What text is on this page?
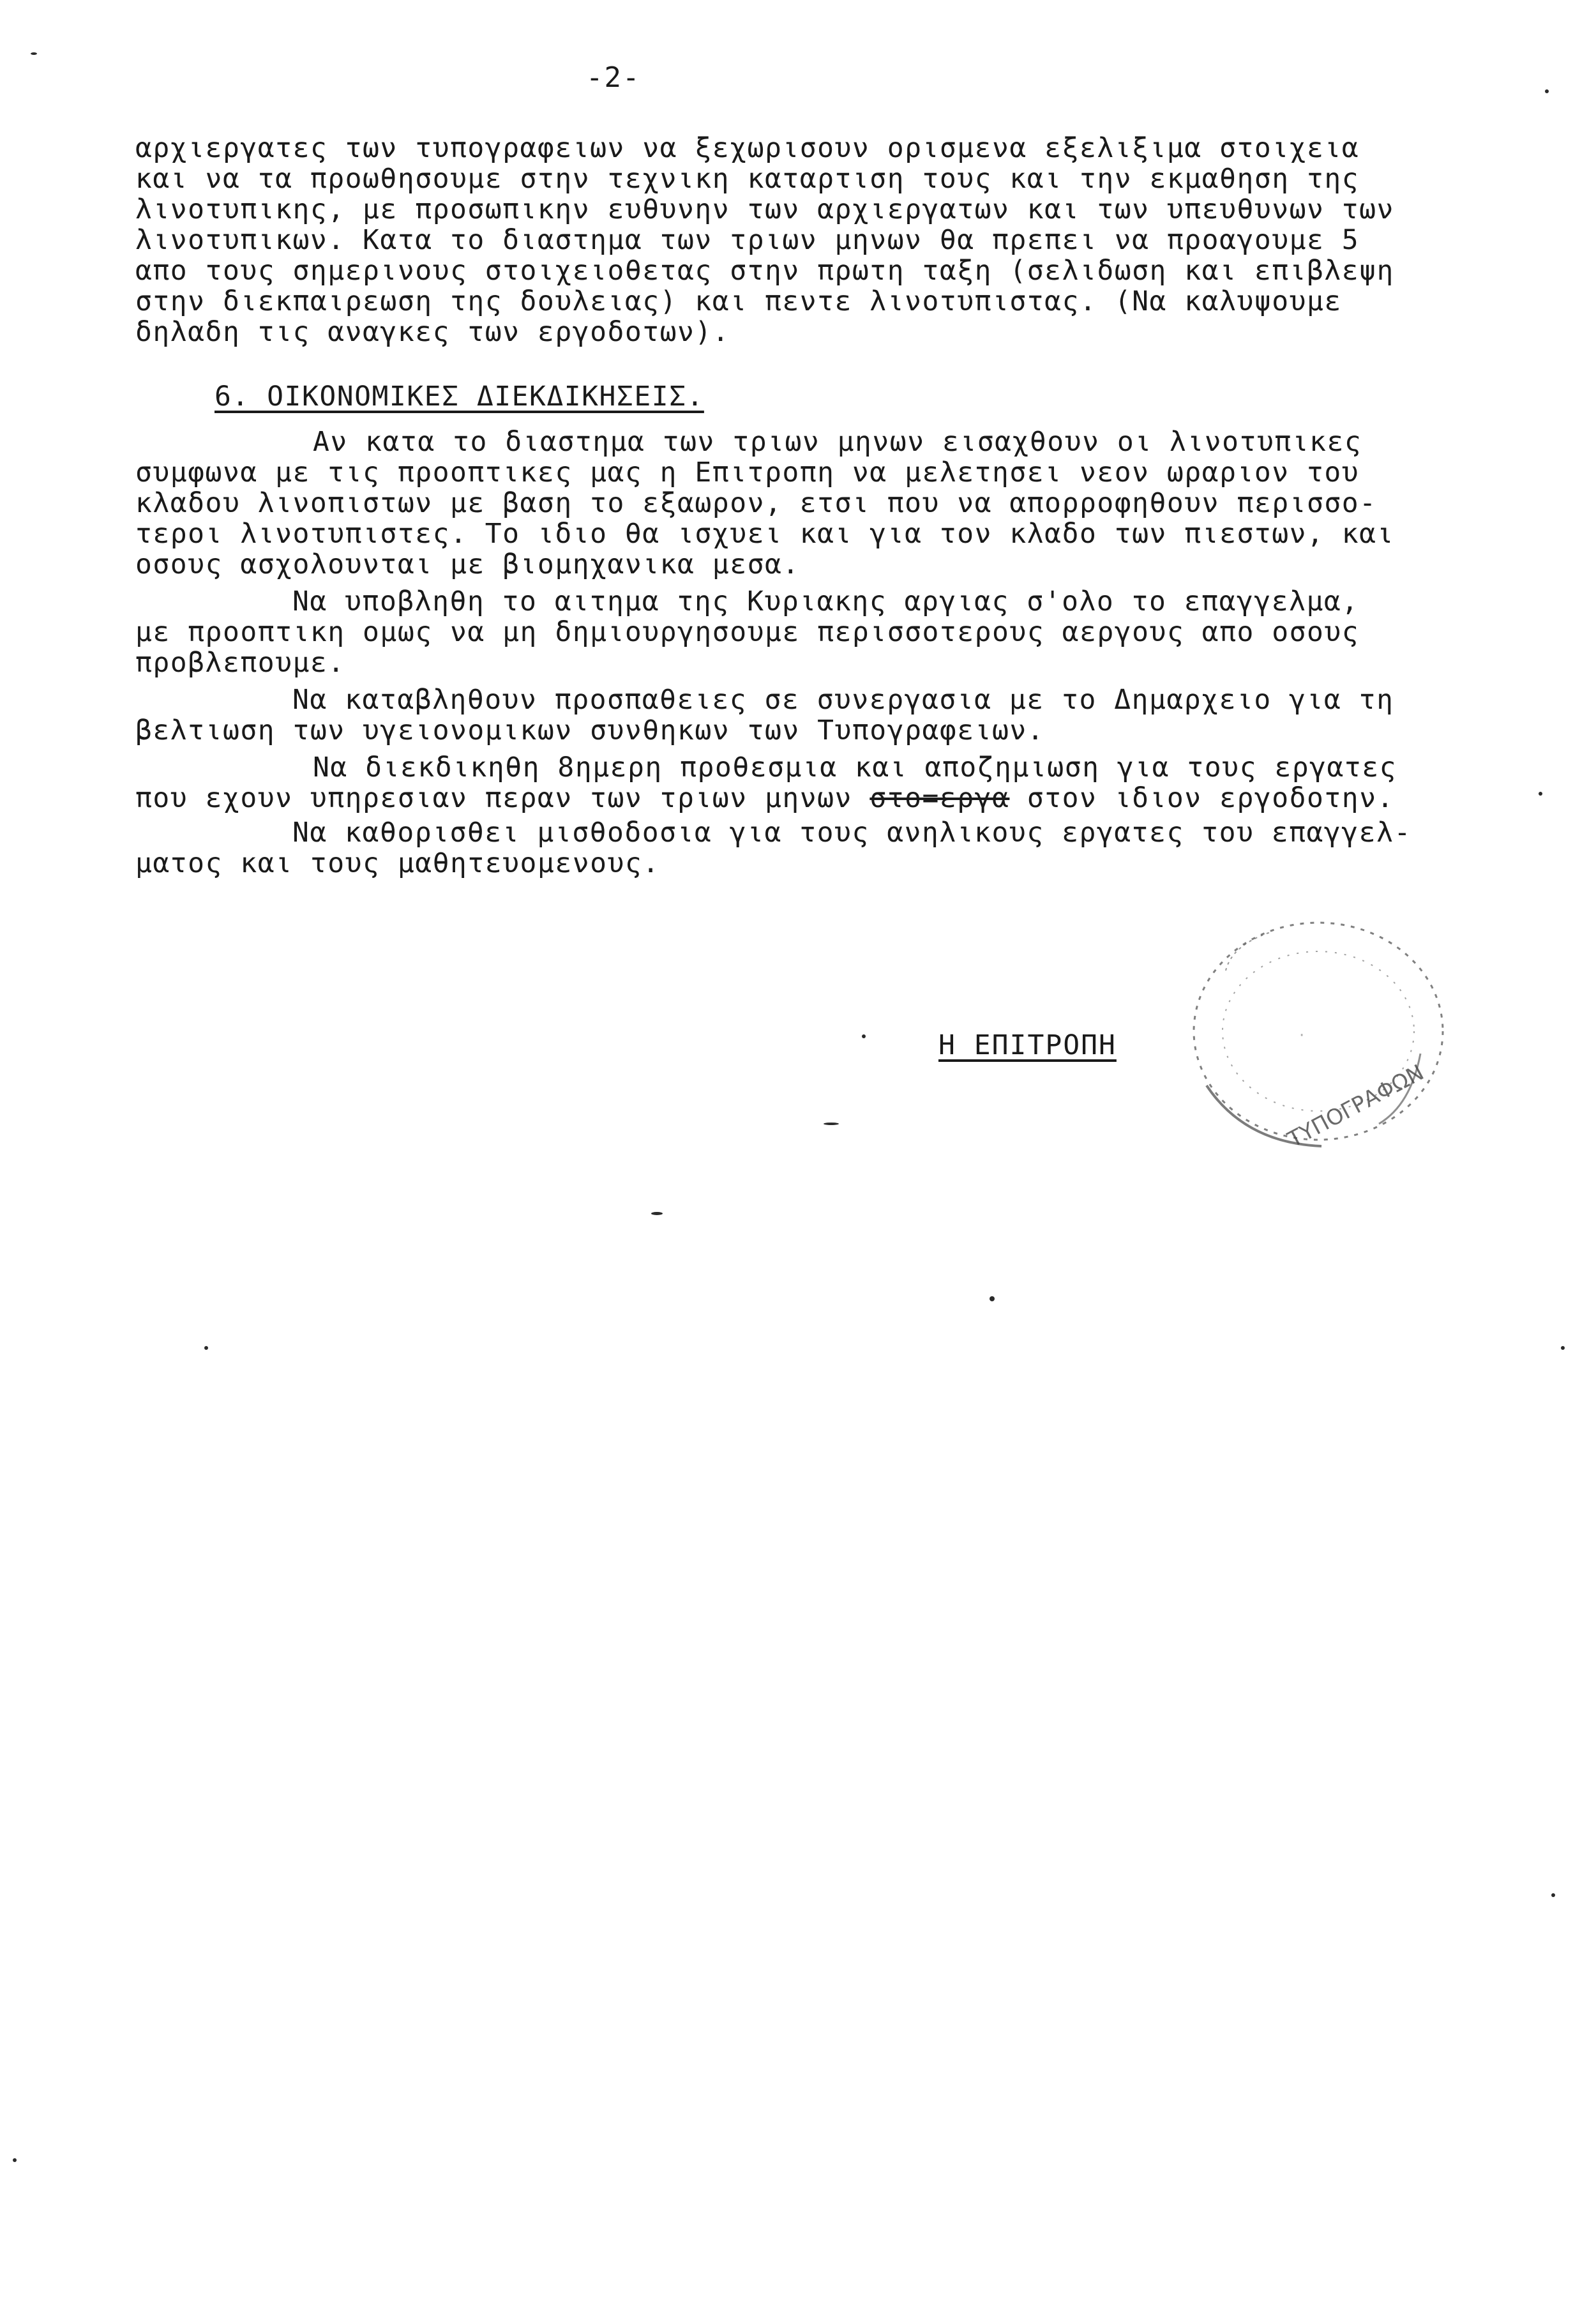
-2-
αρχιεργατες των τυπογραφειων να ξεχωρισουν ορισμενα εξελιξιμα στοιχεια
και να τα προωθησουμε στην τεχνικη καταρτιση τους και την εκμαθηση της
λινοτυπικης, με προσωπικην ευθυνην των αρχιεργατων και των υπευθυνων των
λινοτυπικων. Κατα το διαστημα των τριων μηνων θα πρεπει να προαγουμε 5
απο τους σημερινους στοιχειοθετας στην πρωτη ταξη (σελιδωση και επιβλεψη
στην διεκπαιρεωση της δουλειας) και πεντε λινοτυπιστας. (Να καλυψουμε
δηλαδη τις αναγκες των εργοδοτων).
6. ΟΙΚΟΝΟΜΙΚΕΣ ΔΙΕΚΔΙΚΗΣΕΙΣ.
Αν κατα το διαστημα των τριων μηνων εισαχθουν οι λινοτυπικες
συμφωνα με τις προοπτικες μας η Επιτροπη να μελετησει νεον ωραριον του
κλαδου λινοπιστων με βαση το εξαωρον, ετσι που να απορροφηθουν περισσο-
τεροι λινοτυπιστες. Το ιδιο θα ισχυει και για τον κλαδο των πιεστων, και
οσους ασχολουνται με βιομηχανικα μεσα.
Να υποβληθη το αιτημα της Κυριακης αργιας σ'ολο το επαγγελμα,
με προοπτικη ομως να μη δημιουργησουμε περισσοτερους αεργους απο οσους
προβλεπουμε.
Να καταβληθουν προσπαθειες σε συνεργασια με το Δημαρχειο για τη
βελτιωση των υγειονομικων συνθηκων των Τυπογραφειων.
Να διεκδικηθη 8ημερη προθεσμια και αποζημιωση για τους εργατες
που εχουν υπηρεσιαν περαν των τριων μηνων στο=εργα στον ιδιον εργοδοτην.
Να καθορισθει μισθοδοσια για τους ανηλικους εργατες του επαγγελ-
ματος και τους μαθητευομενους.
Η ΕΠΙΤΡΟΠΗ
ΤΥΠΟΓΡΑΦΩΝ
·
